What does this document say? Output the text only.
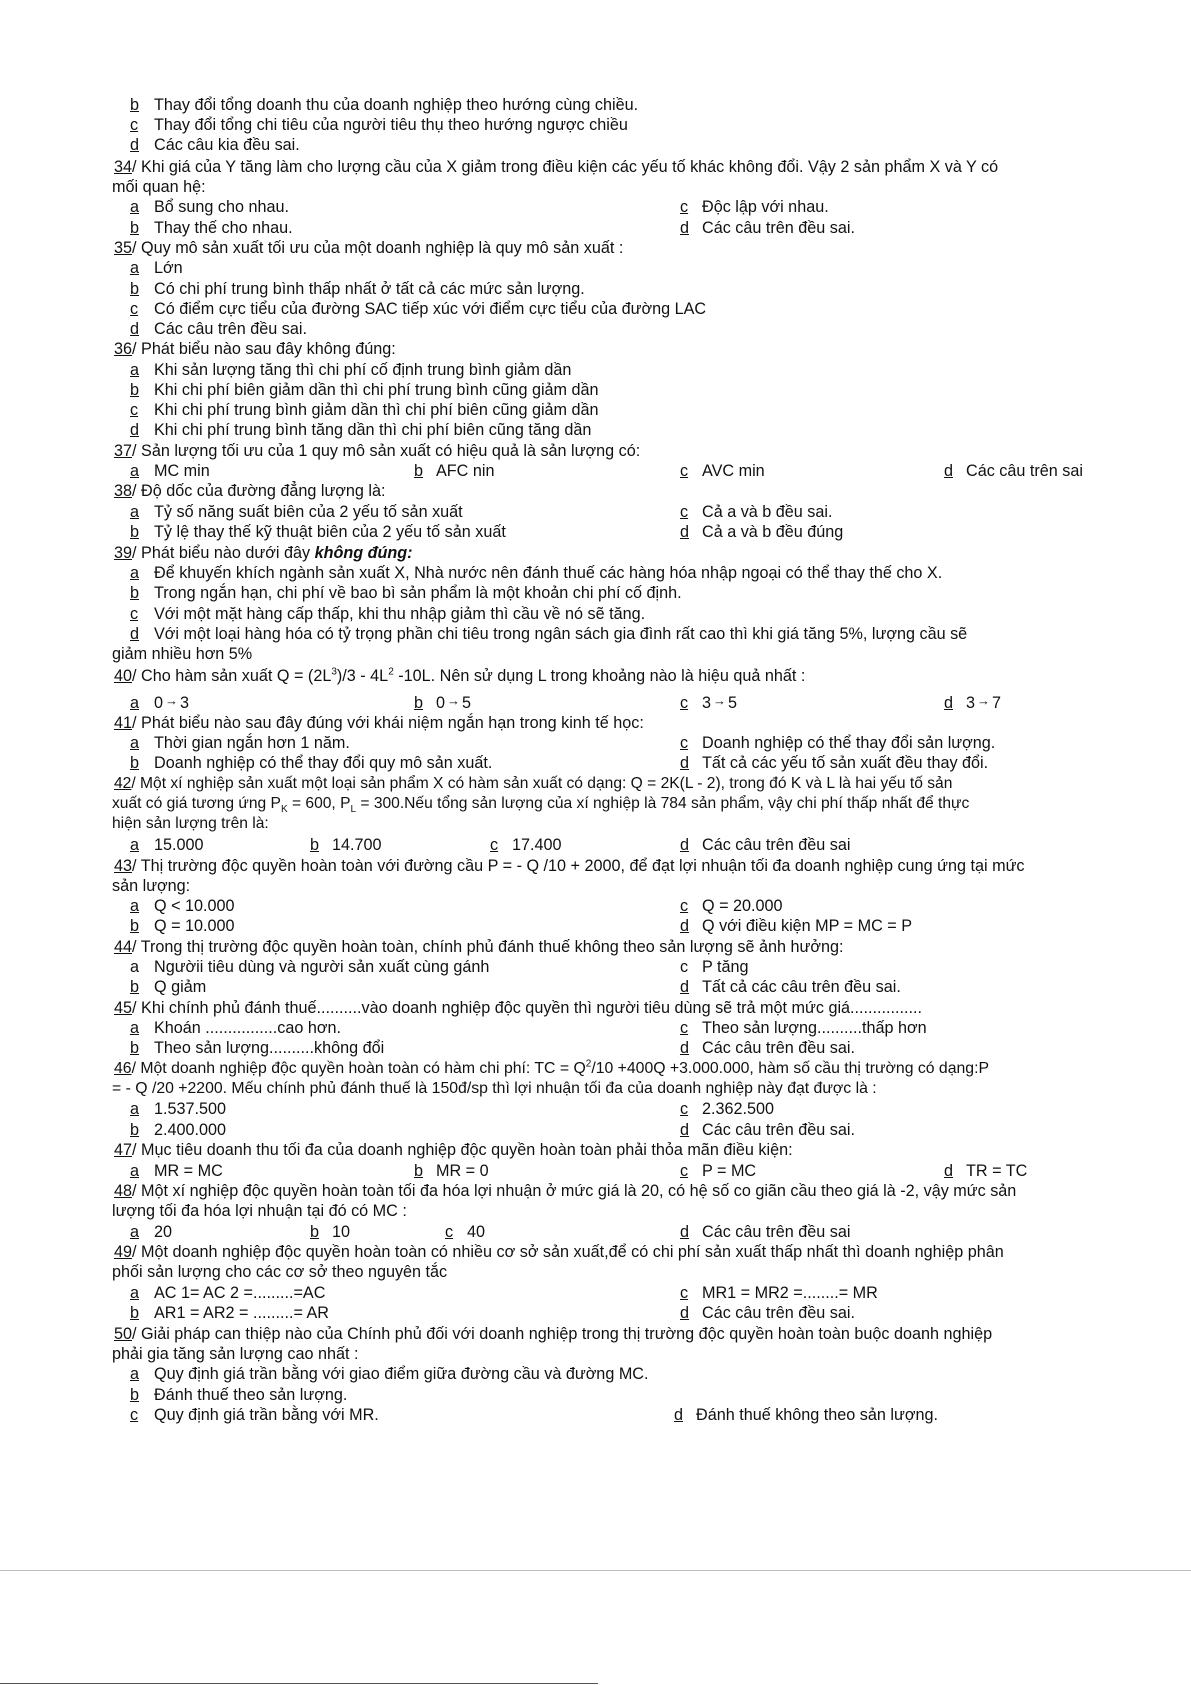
b Thay đổi tổng doanh thu của doanh nghiệp theo hướng cùng chiều.
c Thay đổi tổng chi tiêu của người tiêu thụ theo hướng ngược chiều
d Các câu kia đều sai.
34/ Khi giá của Y tăng làm cho lượng cầu của X giảm trong điều kiện các yếu tố khác không đổi. Vậy 2 sản phẩm X và Y có
mối quan hệ:
a Bổ sung cho nhau.	c Độc lập với nhau.
b Thay thế cho nhau.	d Các câu trên đều sai.
35/ Quy mô sản xuất tối ưu của một doanh nghiệp là quy mô sản xuất :
a Lớn
b Có chi phí trung bình thấp nhất ở tất cả các mức sản lượng.
c Có điểm cực tiểu của đường SAC tiếp xúc với điểm cực tiểu của đường LAC
d Các câu trên đều sai.
36/ Phát biểu nào sau đây không đúng:
a Khi sản lượng tăng thì chi phí cố định trung bình giảm dần
b Khi chi phí biên giảm dần thì chi phí trung bình cũng giảm dần
c Khi chi phí trung bình giảm dần thì chi phí biên cũng giảm dần
d Khi chi phí trung bình tăng dần thì chi phí biên cũng tăng dần
37/ Sản lượng tối ưu của 1 quy mô sản xuất có hiệu quả là sản lượng có:
a MC min	b AFC nin	c AVC min	d Các câu trên sai
38/ Độ dốc của đường đẳng lượng là:
a Tỷ số năng suất biên của 2 yếu tố sản xuất	c Cả a và b đều sai.
b Tỷ lệ thay thế kỹ thuật biên của 2 yếu tố sản xuất	d Cả a và b đều đúng
39/ Phát biểu nào dưới đây không đúng:
a Để khuyến khích ngành sản xuất X, Nhà nước nên đánh thuế các hàng hóa nhập ngoại có thể thay thế cho X.
b Trong ngắn hạn, chi phí về bao bì sản phẩm là một khoản chi phí cố định.
c Với một mặt hàng cấp thấp, khi thu nhập giảm thì cầu về nó sẽ tăng.
d Với một loại hàng hóa có tỷ trọng phần chi tiêu trong ngân sách gia đình rất cao thì khi giá tăng 5%, lượng cầu sẽ
giảm nhiều hơn 5%
40/ Cho hàm sản xuất $Q = (2L^3)/3 - 4L^2$ -10L. Nên sử dụng L trong khoảng nào là hiệu quả nhất :
a 0 → 3	b 0 → 5	c 3 → 5	d 3 → 7
41/ Phát biểu nào sau đây đúng với khái niệm ngắn hạn trong kinh tế học:
a Thời gian ngắn hơn 1 năm.	c Doanh nghiệp có thể thay đổi sản lượng.
b Doanh nghiệp có thể thay đổi quy mô sản xuất.	d Tất cả các yếu tố sản xuất đều thay đổi.
42/ Một xí nghiệp sản xuất một loại sản phẩm X có hàm sản xuất có dạng: Q = 2K(L - 2), trong đó K và L là hai yếu tố sản
xuất có giá tương ứng $P_K = 600$, $P_L$ = 300.Nếu tổng sản lượng của xí nghiệp là 784 sản phẩm, vậy chi phí thấp nhất để thực
hiện sản lượng trên là:
a 15.000	b 14.700	c 17.400	d Các câu trên đều sai
43/ Thị trường độc quyền hoàn toàn với đường cầu P = - Q /10 + 2000, để đạt lợi nhuận tối đa doanh nghiệp cung ứng tại mức
sản lượng:
a Q < 10.000	c Q = 20.000
b Q = 10.000	d Q với điều kiện MP = MC = P
44/ Trong thị trường độc quyền hoàn toàn, chính phủ đánh thuế không theo sản lượng sẽ ảnh hưởng:
a Ngườii tiêu dùng và người sản xuất cùng gánh	c P tăng
b Q giảm	d Tất cả các câu trên đều sai.
45/ Khi chính phủ đánh thuế..........vào doanh nghiệp độc quyền thì người tiêu dùng sẽ trả một mức giá................
a Khoán ................cao hơn.	c Theo sản lượng..........thấp hơn
b Theo sản lượng..........không đổi	d Các câu trên đều sai.
46/ Một doanh nghiệp độc quyền hoàn toàn có hàm chi phí: TC = $Q^2/10 +400Q +3.000.000$, hàm số cầu thị trường có dạng:P
= - Q /20 +2200. Mếu chính phủ đánh thuế là 150đ/sp thì lợi nhuận tối đa của doanh nghiệp này đạt được là :
a 1.537.500	c 2.362.500
b 2.400.000	d Các câu trên đều sai.
47/ Mục tiêu doanh thu tối đa của doanh nghiệp độc quyền hoàn toàn phải thỏa mãn điều kiện:
a MR = MC	b MR = 0	c P = MC	d TR = TC
48/ Một xí nghiệp độc quyền hoàn toàn tối đa hóa lợi nhuận ở mức giá là 20, có hệ số co giãn cầu theo giá là -2, vậy mức sản
lượng tối đa hóa lợi nhuận tại đó có MC :
a 20	b 10	c 40	d Các câu trên đều sai
49/ Một doanh nghiệp độc quyền hoàn toàn có nhiều cơ sở sản xuất,để có chi phí sản xuất thấp nhất thì doanh nghiệp phân
phối sản lượng cho các cơ sở theo nguyên tắc
a AC 1= AC 2 =.........=AC	c MR1 = MR2 =........= MR
b AR1 = AR2 = .........= AR	d Các câu trên đều sai.
50/ Giải pháp can thiệp nào của Chính phủ đối với doanh nghiệp trong thị trường độc quyền hoàn toàn buộc doanh nghiệp
phải gia tăng sản lượng cao nhất :
a Quy định giá trần bằng với giao điểm giữa đường cầu và đường MC.
b Đánh thuế theo sản lượng.
c Quy định giá trần bằng với MR.	d Đánh thuế không theo sản lượng.
